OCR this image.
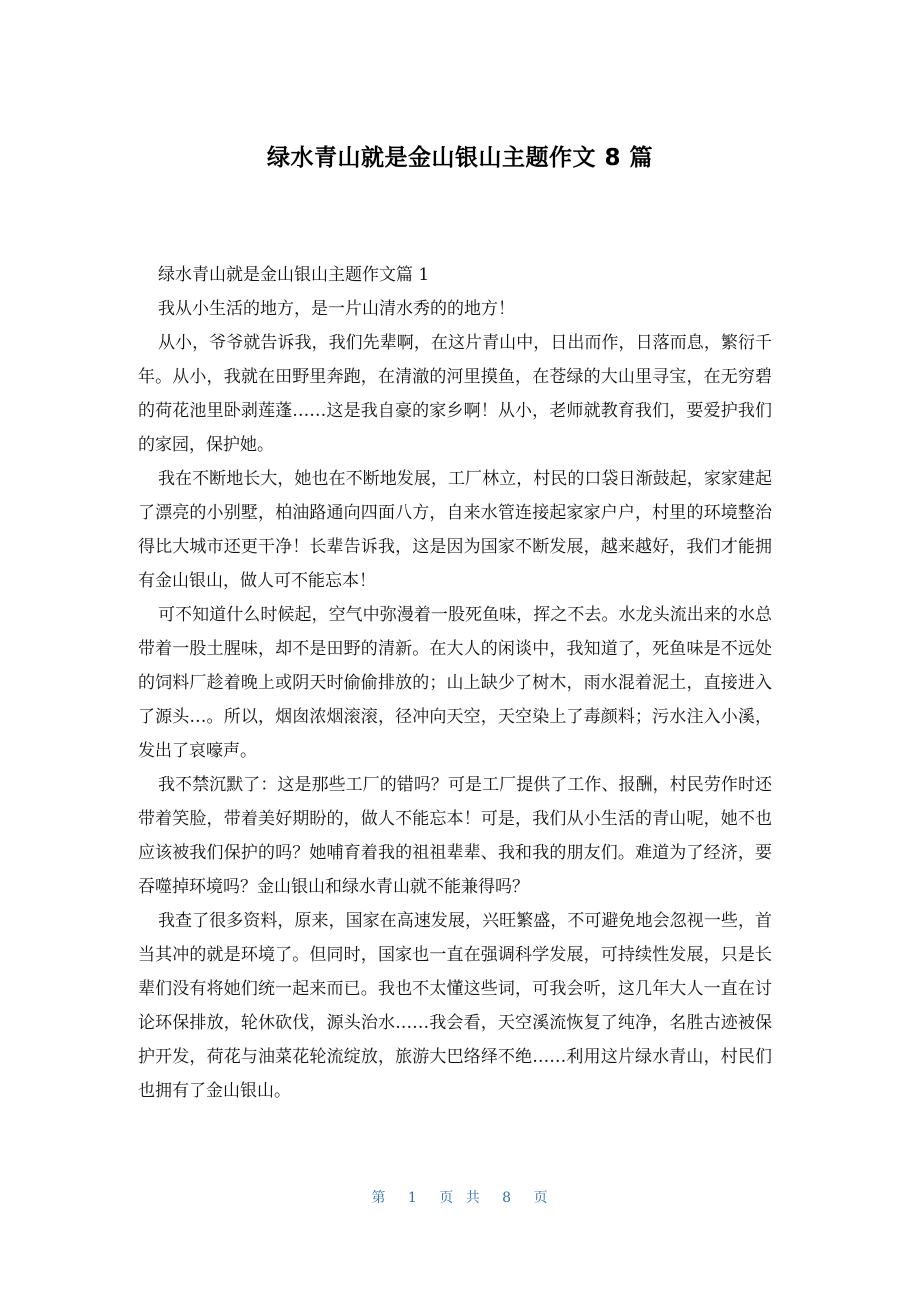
绿水青山就是金山银山主题作文 8 篇

绿水青山就是金山银山主题作文篇 1

我从小生活的地方，是一片山清水秀的的地方！

从小，爷爷就告诉我，我们先辈啊，在这片青山中，日出而作，日落而息，繁衍千年。从小，我就在田野里奔跑，在清澈的河里摸鱼，在苍绿的大山里寻宝，在无穷碧的荷花池里卧剥莲蓬……这是我自豪的家乡啊！从小，老师就教育我们，要爱护我们的家园，保护她。

我在不断地长大，她也在不断地发展，工厂林立，村民的口袋日渐鼓起，家家建起了漂亮的小别墅，柏油路通向四面八方，自来水管连接起家家户户，村里的环境整治得比大城市还更干净！长辈告诉我，这是因为国家不断发展，越来越好，我们才能拥有金山银山，做人可不能忘本！

可不知道什么时候起，空气中弥漫着一股死鱼味，挥之不去。水龙头流出来的水总带着一股土腥味，却不是田野的清新。在大人的闲谈中，我知道了，死鱼味是不远处的饲料厂趁着晚上或阴天时偷偷排放的；山上缺少了树木，雨水混着泥土，直接进入了源头…。所以，烟囱浓烟滚滚，径冲向天空，天空染上了毒颜料；污水注入小溪，发出了哀嚎声。

我不禁沉默了：这是那些工厂的错吗？可是工厂提供了工作、报酬，村民劳作时还带着笑脸，带着美好期盼的，做人不能忘本！可是，我们从小生活的青山呢，她不也应该被我们保护的吗？她哺育着我的祖祖辈辈、我和我的朋友们。难道为了经济，要吞噬掉环境吗？金山银山和绿水青山就不能兼得吗？

我查了很多资料，原来，国家在高速发展，兴旺繁盛，不可避免地会忽视一些，首当其冲的就是环境了。但同时，国家也一直在强调科学发展，可持续性发展，只是长辈们没有将她们统一起来而已。我也不太懂这些词，可我会听，这几年大人一直在讨论环保排放，轮休砍伐，源头治水……我会看，天空溪流恢复了纯净，名胜古迹被保护开发，荷花与油菜花轮流绽放，旅游大巴络绎不绝……利用这片绿水青山，村民们也拥有了金山银山。

第 1 页 共 8 页
